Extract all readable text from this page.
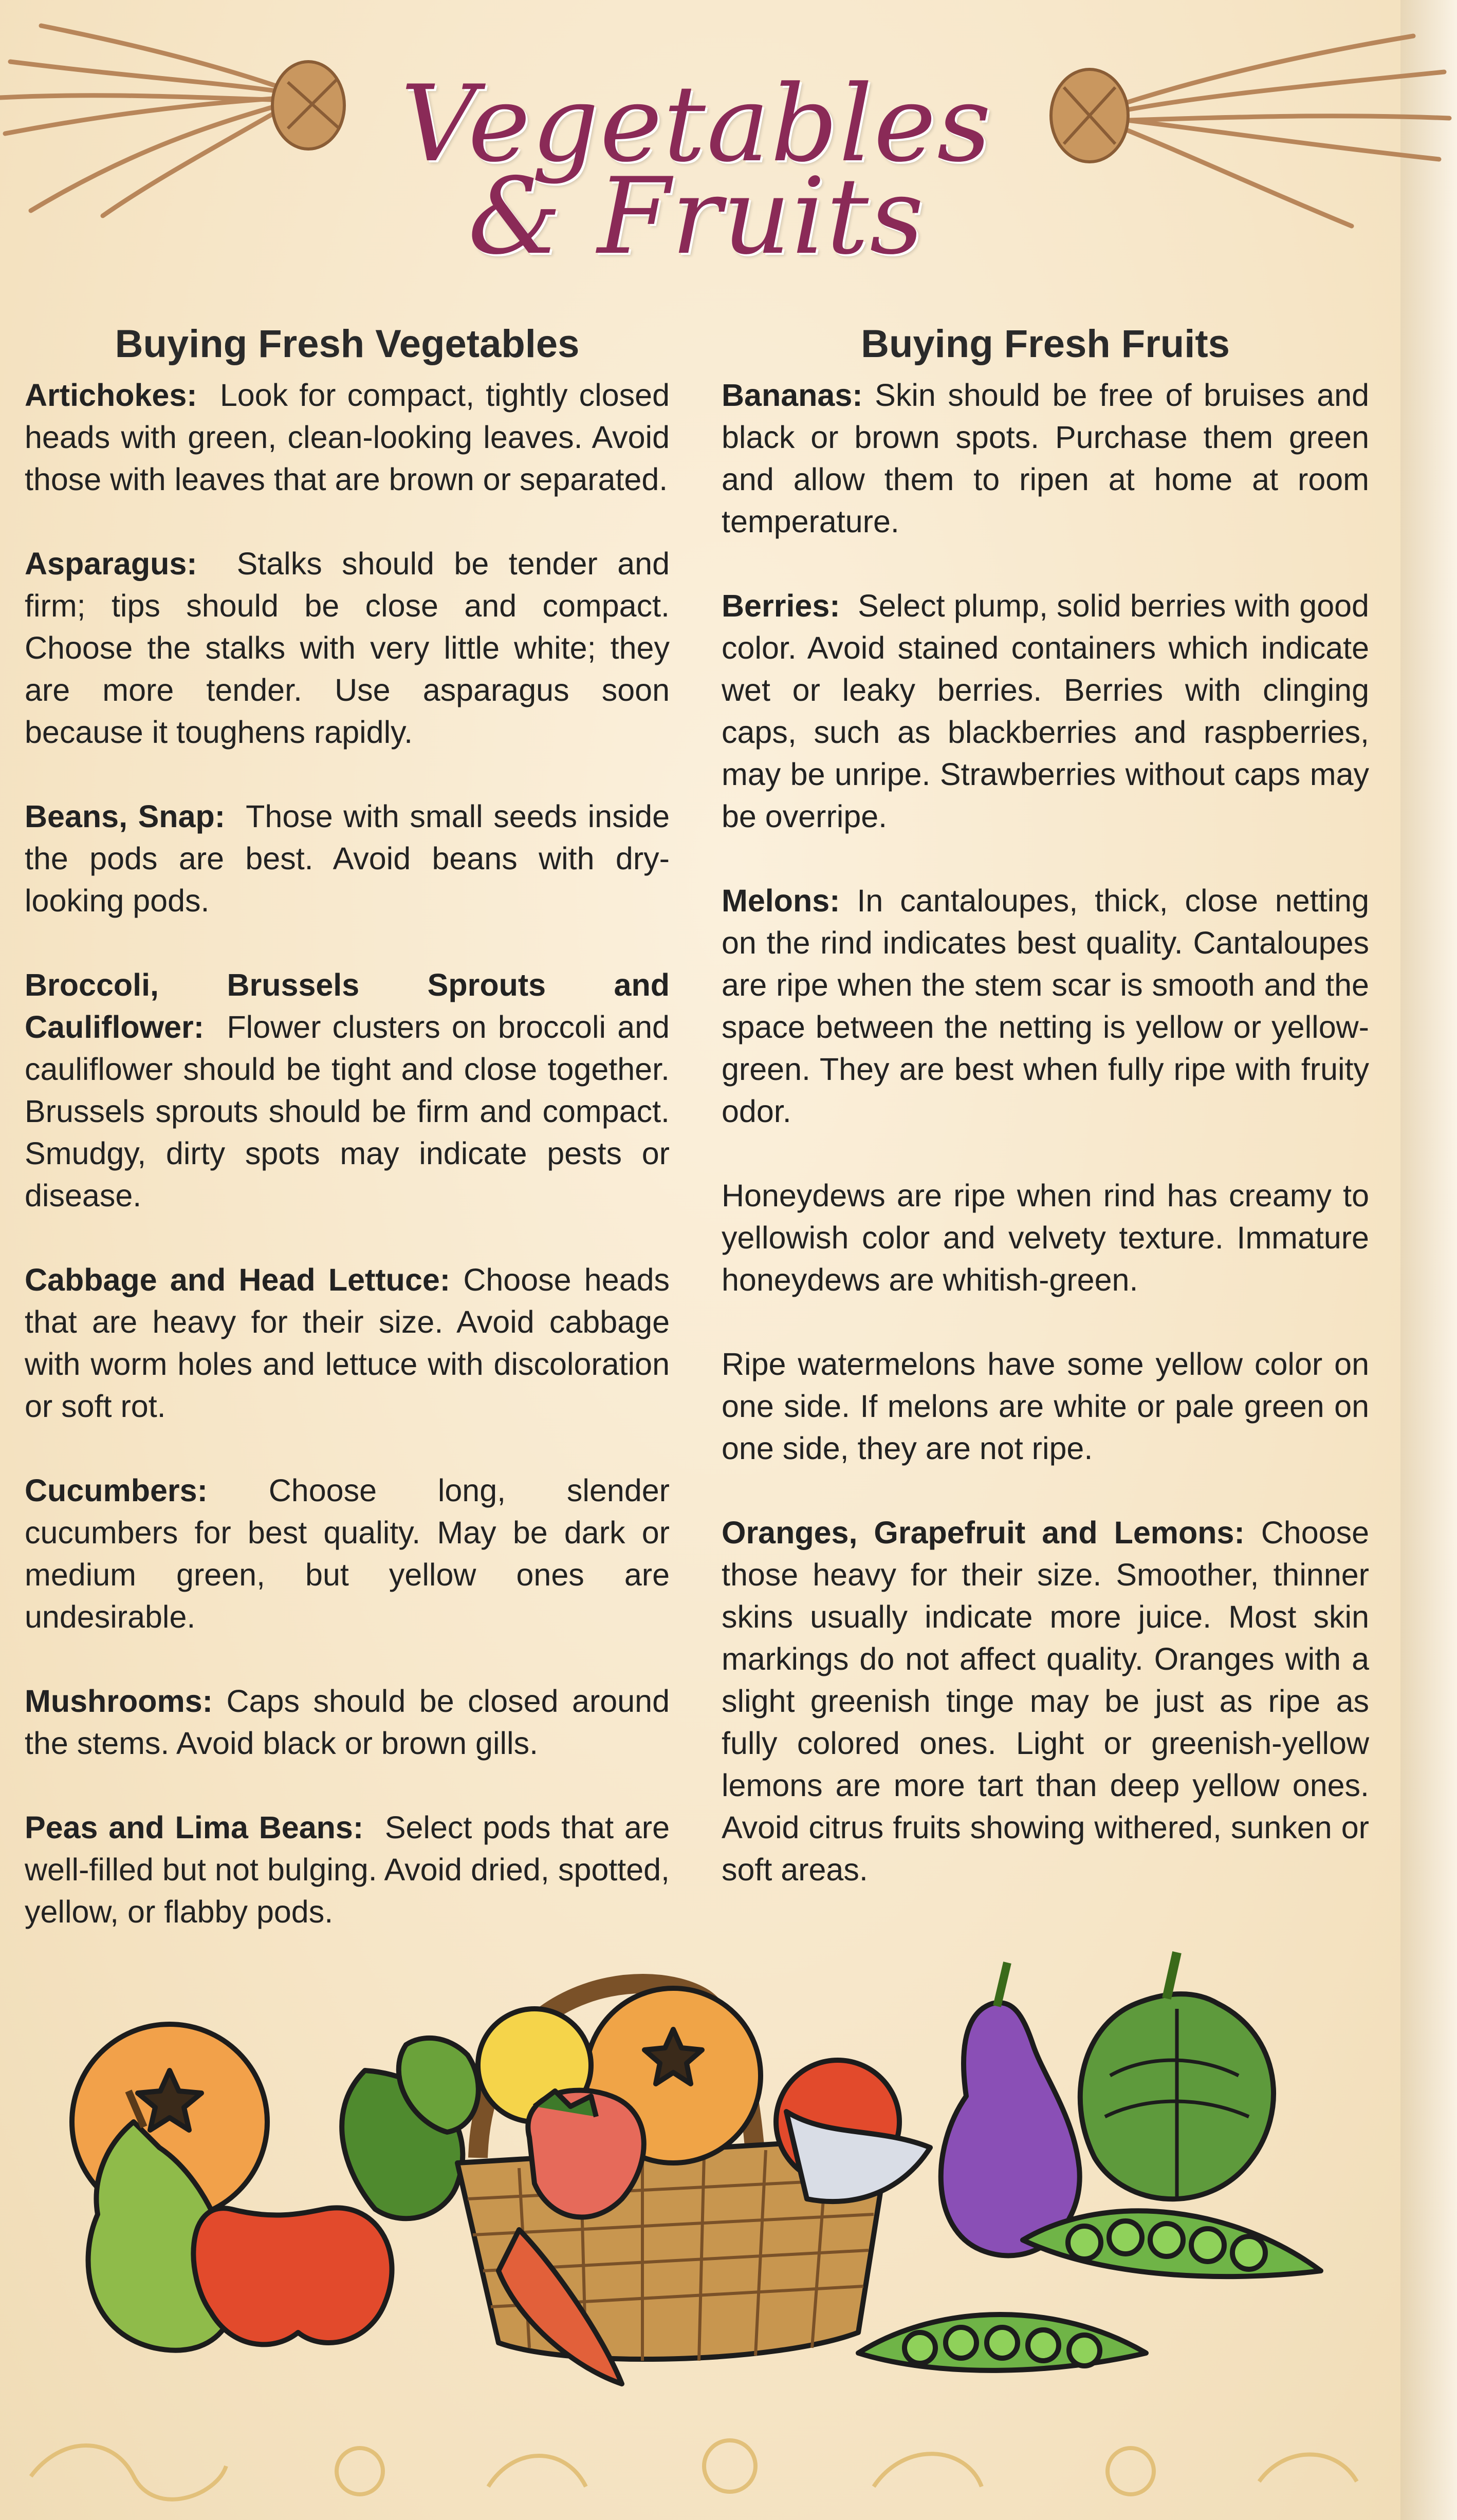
Vegetables
& Fruits
Buying Fresh Vegetables

Artichokes: Look for compact, tightly closed heads with green, clean-looking leaves. Avoid those with leaves that are brown or separated.

Asparagus: Stalks should be tender and firm; tips should be close and compact. Choose the stalks with very little white; they are more tender. Use asparagus soon because it toughens rapidly.

Beans, Snap: Those with small seeds inside the pods are best. Avoid beans with dry-looking pods.

Broccoli, Brussels Sprouts and Cauliflower: Flower clusters on broccoli and cauliflower should be tight and close together. Brussels sprouts should be firm and compact. Smudgy, dirty spots may indicate pests or disease.

Cabbage and Head Lettuce: Choose heads that are heavy for their size. Avoid cabbage with worm holes and lettuce with discoloration or soft rot.

Cucumbers: Choose long, slender cucumbers for best quality. May be dark or medium green, but yellow ones are undesirable.

Mushrooms: Caps should be closed around the stems. Avoid black or brown gills.

Peas and Lima Beans: Select pods that are well-filled but not bulging. Avoid dried, spotted, yellow, or flabby pods.

Buying Fresh Fruits

Bananas: Skin should be free of bruises and black or brown spots. Purchase them green and allow them to ripen at home at room temperature.

Berries: Select plump, solid berries with good color. Avoid stained containers which indicate wet or leaky berries. Berries with clinging caps, such as blackberries and raspberries, may be unripe. Strawberries without caps may be overripe.

Melons: In cantaloupes, thick, close netting on the rind indicates best quality. Cantaloupes are ripe when the stem scar is smooth and the space between the netting is yellow or yellow-green. They are best when fully ripe with fruity odor.

Honeydews are ripe when rind has creamy to yellowish color and velvety texture. Immature honeydews are whitish-green.

Ripe watermelons have some yellow color on one side. If melons are white or pale green on one side, they are not ripe.

Oranges, Grapefruit and Lemons: Choose those heavy for their size. Smoother, thinner skins usually indicate more juice. Most skin markings do not affect quality. Oranges with a slight greenish tinge may be just as ripe as fully colored ones. Light or greenish-yellow lemons are more tart than deep yellow ones. Avoid citrus fruits showing withered, sunken or soft areas.
